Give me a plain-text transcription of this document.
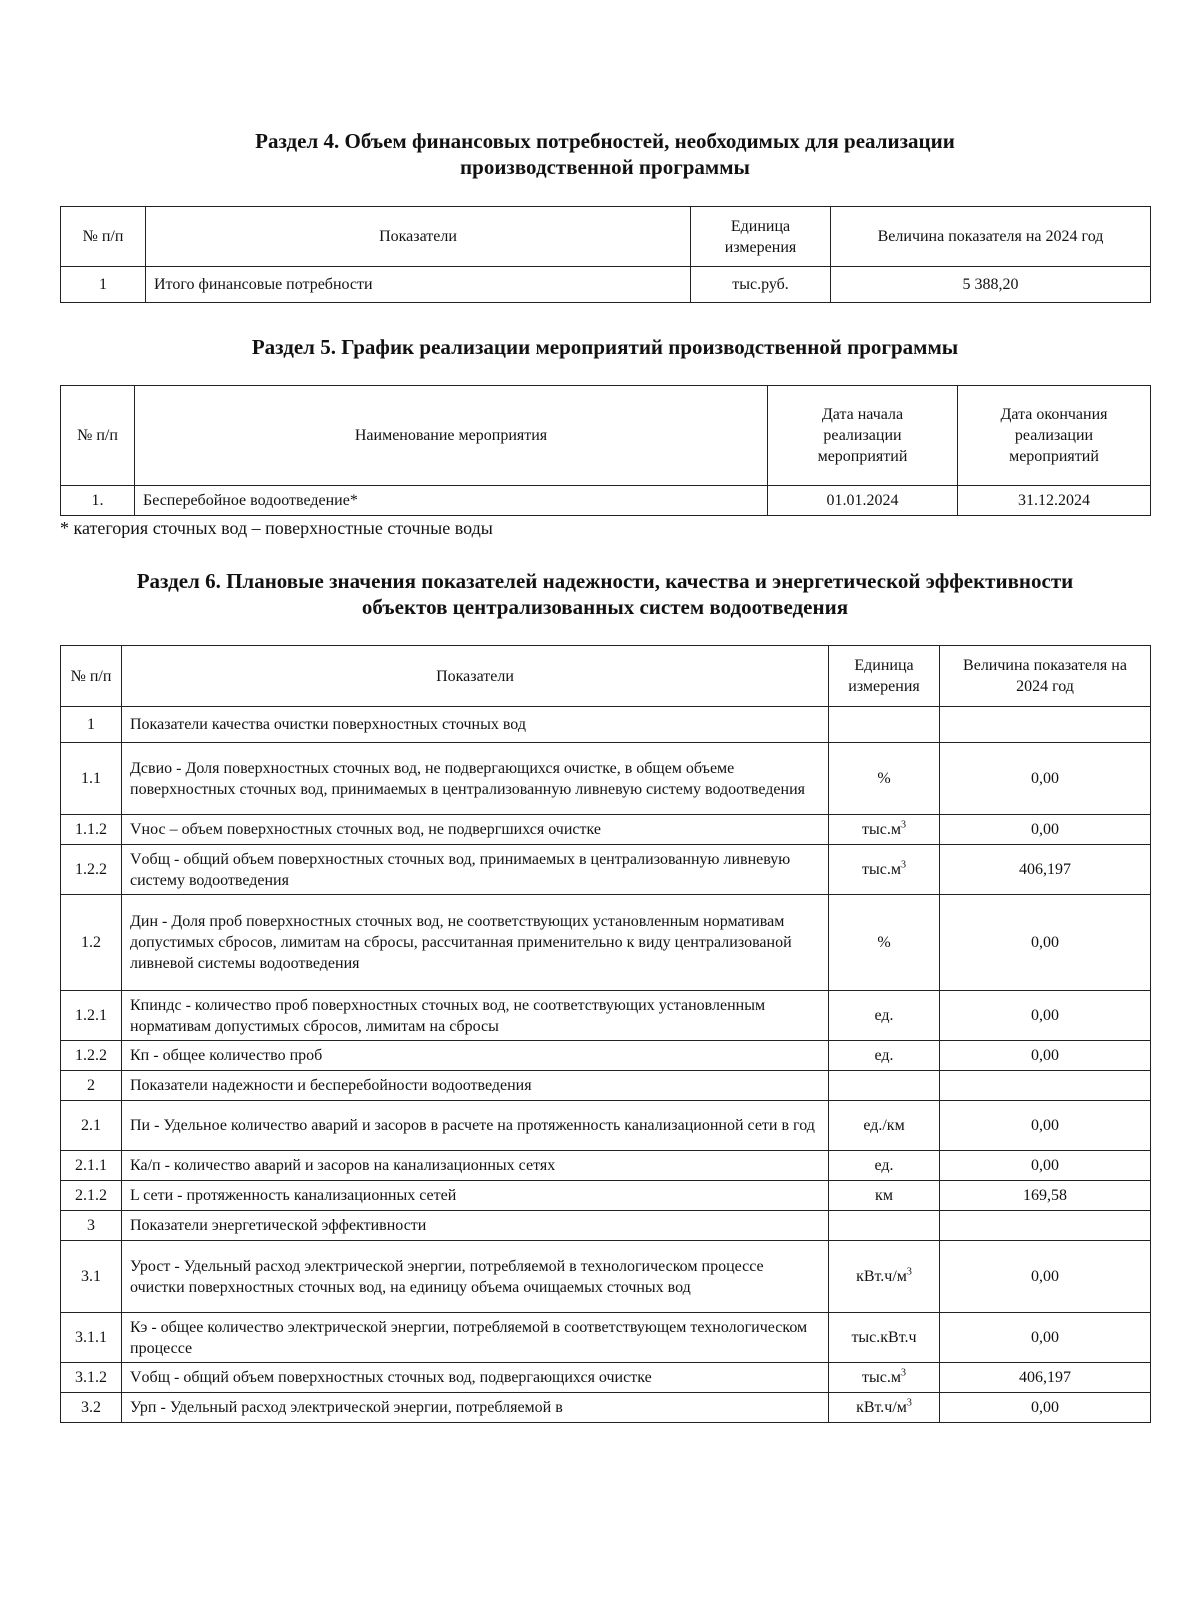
Раздел 4. Объем финансовых потребностей, необходимых для реализации
производственной программы
№ п/п	Показатели	Единица измерения	Величина показателя на 2024 год
1	Итого финансовые потребности	тыс.руб.	5 388,20
Раздел 5. График реализации мероприятий производственной программы
№ п/п	Наименование мероприятия	Дата начала реализации мероприятий	Дата окончания реализации мероприятий
1.	Бесперебойное водоотведение*	01.01.2024	31.12.2024
* категория сточных вод – поверхностные сточные воды
Раздел 6. Плановые значения показателей надежности, качества и энергетической эффективности
объектов централизованных систем водоотведения
№ п/п	Показатели	Единица измерения	Величина показателя на 2024 год
1	Показатели качества очистки поверхностных сточных вод		
1.1	Дсвио - Доля поверхностных сточных вод, не подвергающихся очистке, в общем объеме поверхностных сточных вод, принимаемых в централизованную ливневую систему водоотведения	%	0,00
1.1.2	Vнос – объем поверхностных сточных вод, не подвергшихся очистке	$тыс.м^3$	0,00
1.2.2	Vобщ - общий объем поверхностных сточных вод, принимаемых в централизованную ливневую систему водоотведения	$тыс.м^3$	406,197
1.2	Дин - Доля проб поверхностных сточных вод, не соответствующих установленным нормативам допустимых сбросов, лимитам на сбросы, рассчитанная применительно к виду централизованой ливневой системы водоотведения	%	0,00
1.2.1	Кпиндс - количество проб поверхностных сточных вод, не соответствующих установленным нормативам допустимых сбросов, лимитам на сбросы	ед.	0,00
1.2.2	Кп - общее количество проб	ед.	0,00
2	Показатели надежности и бесперебойности водоотведения		
2.1	Пи - Удельное количество аварий и засоров в расчете на протяженность канализационной сети в год	ед./км	0,00
2.1.1	Ка/п - количество аварий и засоров на канализационных сетях	ед.	0,00
2.1.2	L сети - протяженность канализационных сетей	км	169,58
3	Показатели энергетической эффективности		
3.1	Урост - Удельный расход электрической энергии, потребляемой в технологическом процессе очистки поверхностных сточных вод, на единицу объема очищаемых сточных вод	$кВт.ч/м^3$	0,00
3.1.1	Кэ - общее количество электрической энергии, потребляемой в соответствующем технологическом процессе	тыс.кВт.ч	0,00
3.1.2	Vобщ - общий объем поверхностных сточных вод, подвергающихся очистке	$тыс.м^3$	406,197
3.2	Урп - Удельный расход электрической энергии, потребляемой в	$кВт.ч/м^3$	0,00
